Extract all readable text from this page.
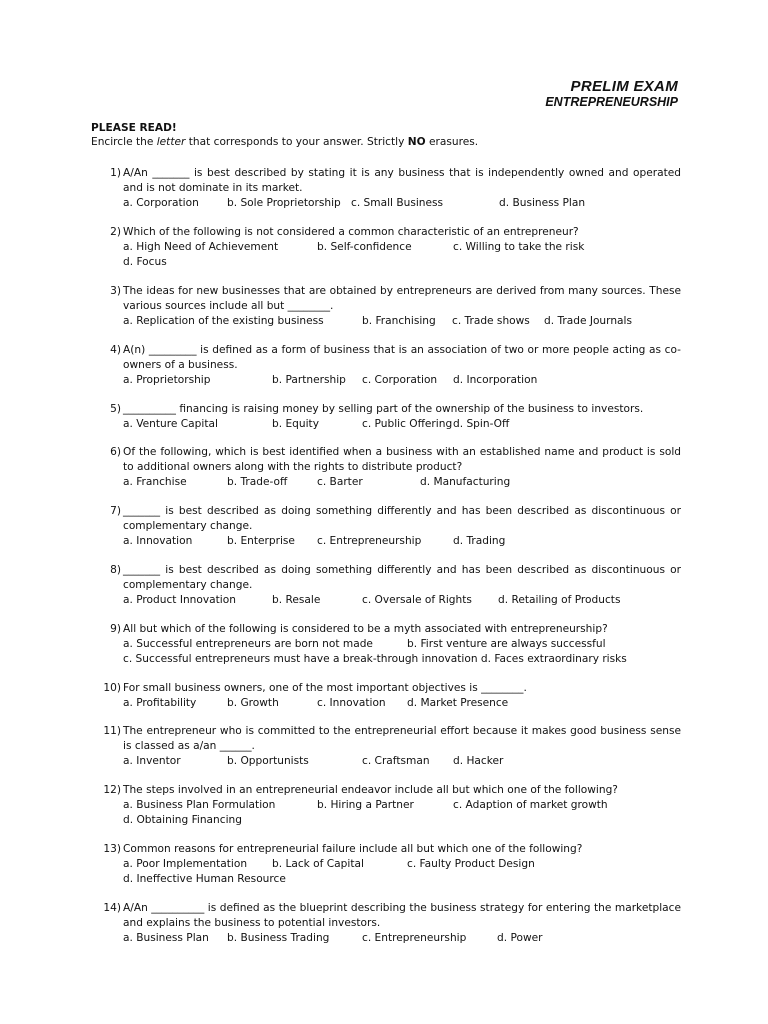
PRELIM EXAM
ENTREPRENEURSHIP
PLEASE READ!
Encircle the letter that corresponds to your answer. Strictly NO erasures.
1) A/An _______ is best described by stating it is any business that is independently owned and operated and is not dominate in its market.
a. Corporation	b. Sole Proprietorship c. Small Business	d. Business Plan
2) Which of the following is not considered a common characteristic of an entrepreneur?
a. High Need of Achievement	b. Self-confidence	c. Willing to take the risk
d. Focus
3) The ideas for new businesses that are obtained by entrepreneurs are derived from many sources. These various sources include all but ________.
a. Replication of the existing business	b. Franchising c. Trade shows d. Trade Journals
4) A(n) _________ is defined as a form of business that is an association of two or more people acting as co-owners of a business.
a. Proprietorship	b. Partnership c. Corporation d. Incorporation
5) __________ financing is raising money by selling part of the ownership of the business to investors.
a. Venture Capital	b. Equity	c. Public Offering d. Spin-Off
6) Of the following, which is best identified when a business with an established name and product is sold to additional owners along with the rights to distribute product?
a. Franchise	b. Trade-off	c. Barter	d. Manufacturing
7) _______ is best described as doing something differently and has been described as discontinuous or complementary change.
a. Innovation	b. Enterprise c. Entrepreneurship	d. Trading
8) _______ is best described as doing something differently and has been described as discontinuous or complementary change.
a. Product Innovation	b. Resale	c. Oversale of Rights d. Retailing of Products
9) All but which of the following is considered to be a myth associated with entrepreneurship?
a. Successful entrepreneurs are born not made	b. First venture are always successful
c. Successful entrepreneurs must have a break-through innovation d. Faces extraordinary risks
10) For small business owners, one of the most important objectives is ________.
a. Profitability	b. Growth	c. Innovation d. Market Presence
11) The entrepreneur who is committed to the entrepreneurial effort because it makes good business sense is classed as a/an ______.
a. Inventor	b. Opportunists	c. Craftsman d. Hacker
12) The steps involved in an entrepreneurial endeavor include all but which one of the following?
a. Business Plan Formulation	b. Hiring a Partner	c. Adaption of market growth
d. Obtaining Financing
13) Common reasons for entrepreneurial failure include all but which one of the following?
a. Poor Implementation b. Lack of Capital	c. Faulty Product Design
d. Ineffective Human Resource
14) A/An __________ is defined as the blueprint describing the business strategy for entering the marketplace and explains the business to potential investors.
a. Business Plan b. Business Trading	c. Entrepreneurship	d. Power
